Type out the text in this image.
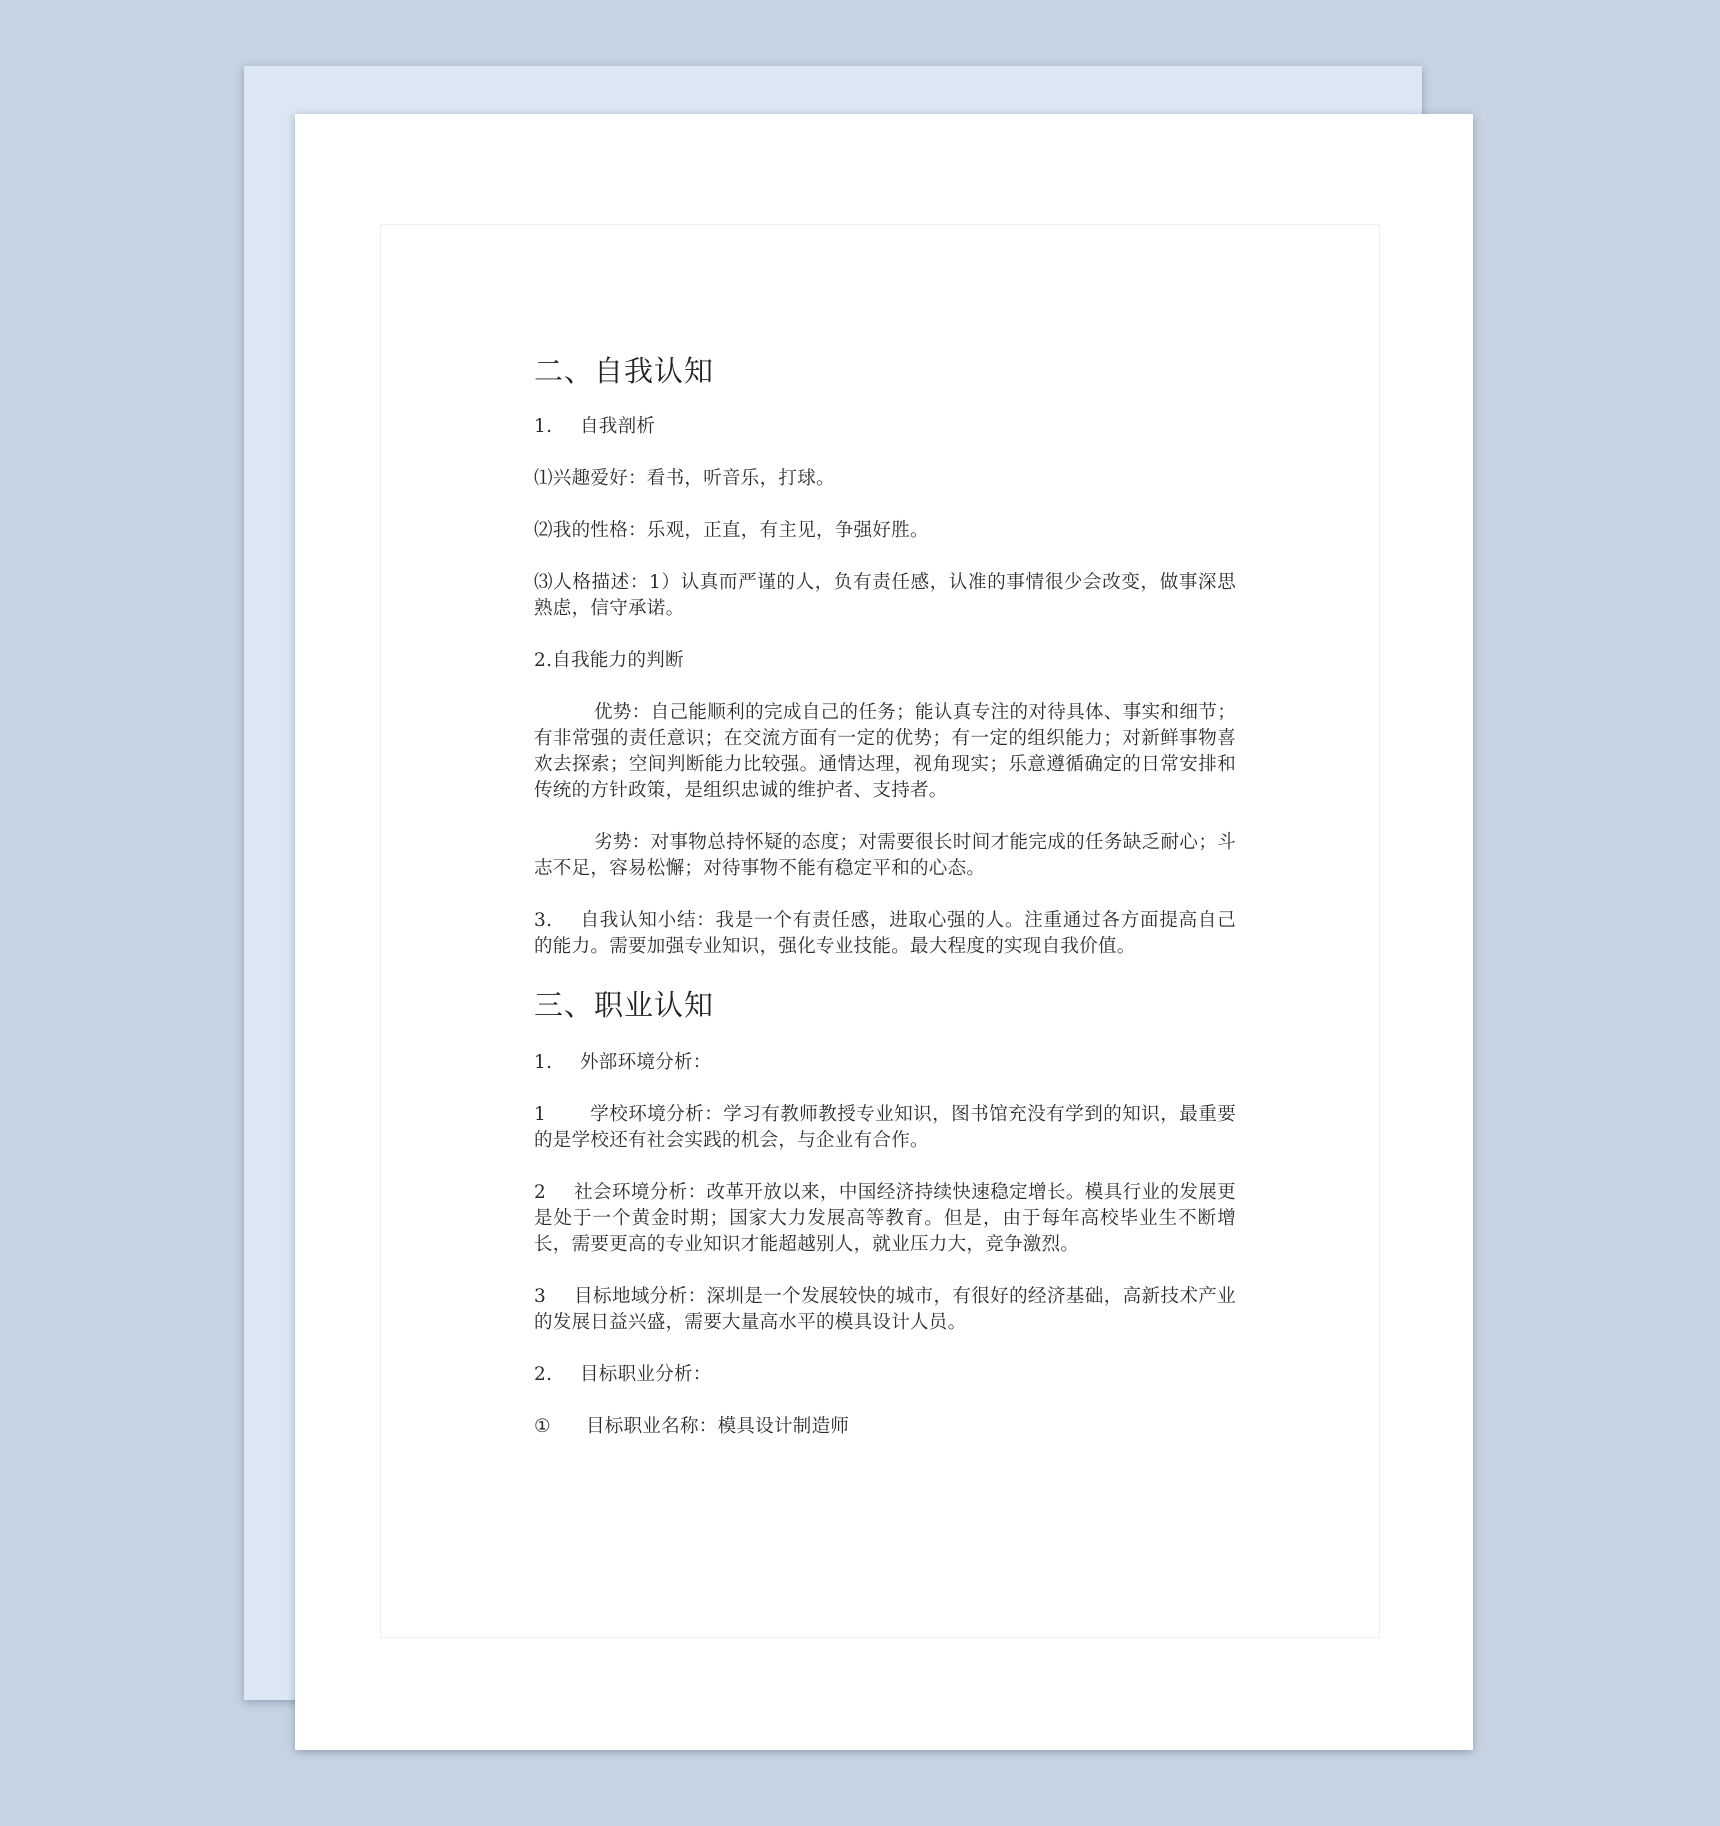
二、自我认知

1. 自我剖析

⑴兴趣爱好：看书，听音乐，打球。

⑵我的性格：乐观，正直，有主见，争强好胜。

⑶人格描述：1）认真而严谨的人，负有责任感，认准的事情很少会改变，做事深思熟虑，信守承诺。

2.自我能力的判断

优势：自己能顺利的完成自己的任务；能认真专注的对待具体、事实和细节；有非常强的责任意识；在交流方面有一定的优势；有一定的组织能力；对新鲜事物喜欢去探索；空间判断能力比较强。通情达理，视角现实；乐意遵循确定的日常安排和传统的方针政策，是组织忠诚的维护者、支持者。

劣势：对事物总持怀疑的态度；对需要很长时间才能完成的任务缺乏耐心；斗志不足，容易松懈；对待事物不能有稳定平和的心态。

3. 自我认知小结：我是一个有责任感，进取心强的人。注重通过各方面提高自己的能力。需要加强专业知识，强化专业技能。最大程度的实现自我价值。

三、职业认知

1. 外部环境分析：

1 学校环境分析：学习有教师教授专业知识，图书馆充没有学到的知识，最重要的是学校还有社会实践的机会，与企业有合作。

2 社会环境分析：改革开放以来，中国经济持续快速稳定增长。模具行业的发展更是处于一个黄金时期；国家大力发展高等教育。但是，由于每年高校毕业生不断增长，需要更高的专业知识才能超越别人，就业压力大，竞争激烈。

3 目标地域分析：深圳是一个发展较快的城市，有很好的经济基础，高新技术产业的发展日益兴盛，需要大量高水平的模具设计人员。

2. 目标职业分析：

① 目标职业名称：模具设计制造师
